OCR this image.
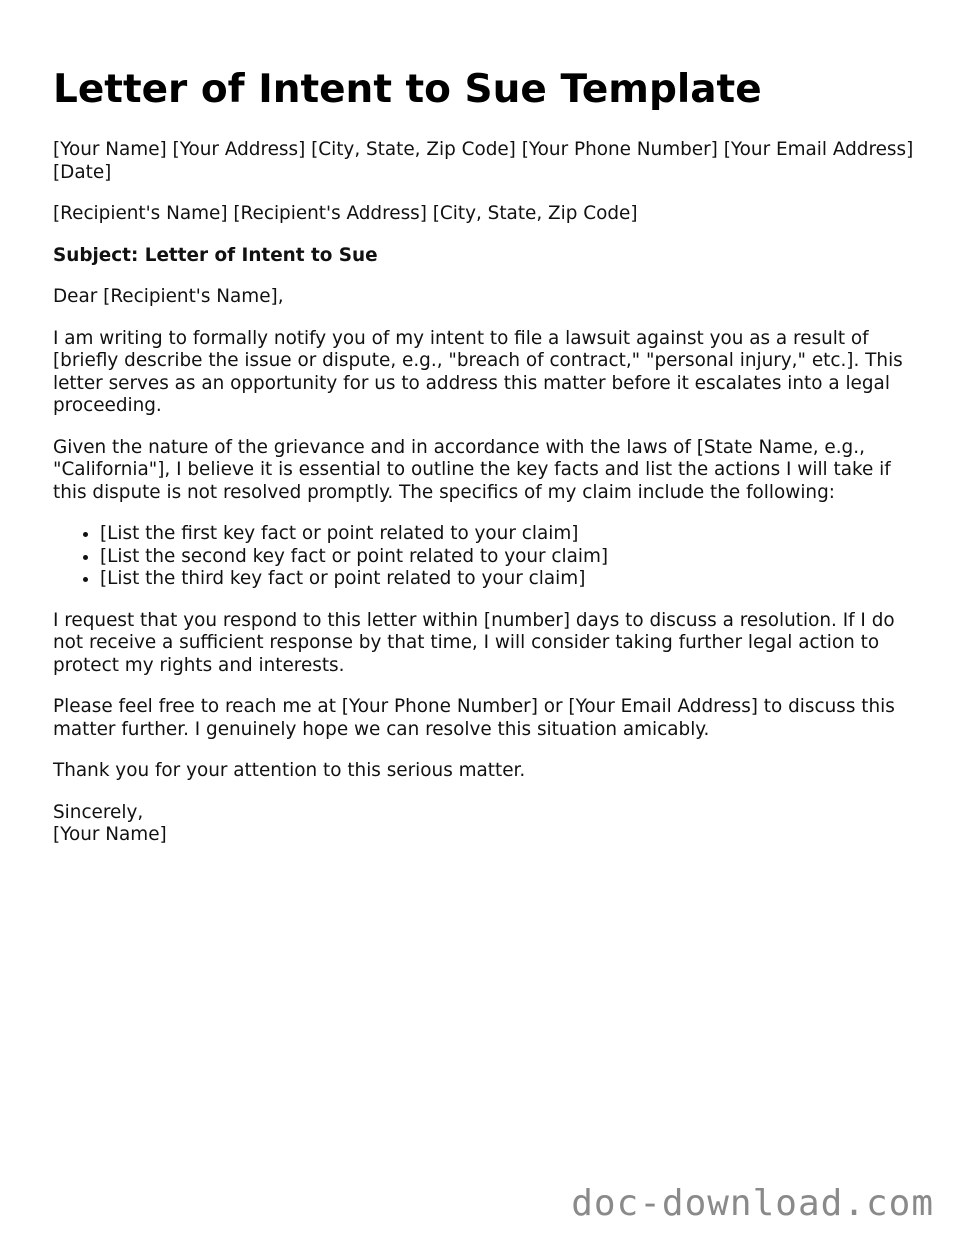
Letter of Intent to Sue Template

[Your Name] [Your Address] [City, State, Zip Code] [Your Phone Number] [Your Email Address] [Date]

[Recipient's Name] [Recipient's Address] [City, State, Zip Code]

Subject: Letter of Intent to Sue

Dear [Recipient's Name],

I am writing to formally notify you of my intent to file a lawsuit against you as a result of [briefly describe the issue or dispute, e.g., "breach of contract," "personal injury," etc.]. This letter serves as an opportunity for us to address this matter before it escalates into a legal proceeding.

Given the nature of the grievance and in accordance with the laws of [State Name, e.g., "California"], I believe it is essential to outline the key facts and list the actions I will take if this dispute is not resolved promptly. The specifics of my claim include the following:

• [List the first key fact or point related to your claim]
• [List the second key fact or point related to your claim]
• [List the third key fact or point related to your claim]

I request that you respond to this letter within [number] days to discuss a resolution. If I do not receive a sufficient response by that time, I will consider taking further legal action to protect my rights and interests.

Please feel free to reach me at [Your Phone Number] or [Your Email Address] to discuss this matter further. I genuinely hope we can resolve this situation amicably.

Thank you for your attention to this serious matter.

Sincerely,
[Your Name]
doc-download.com
